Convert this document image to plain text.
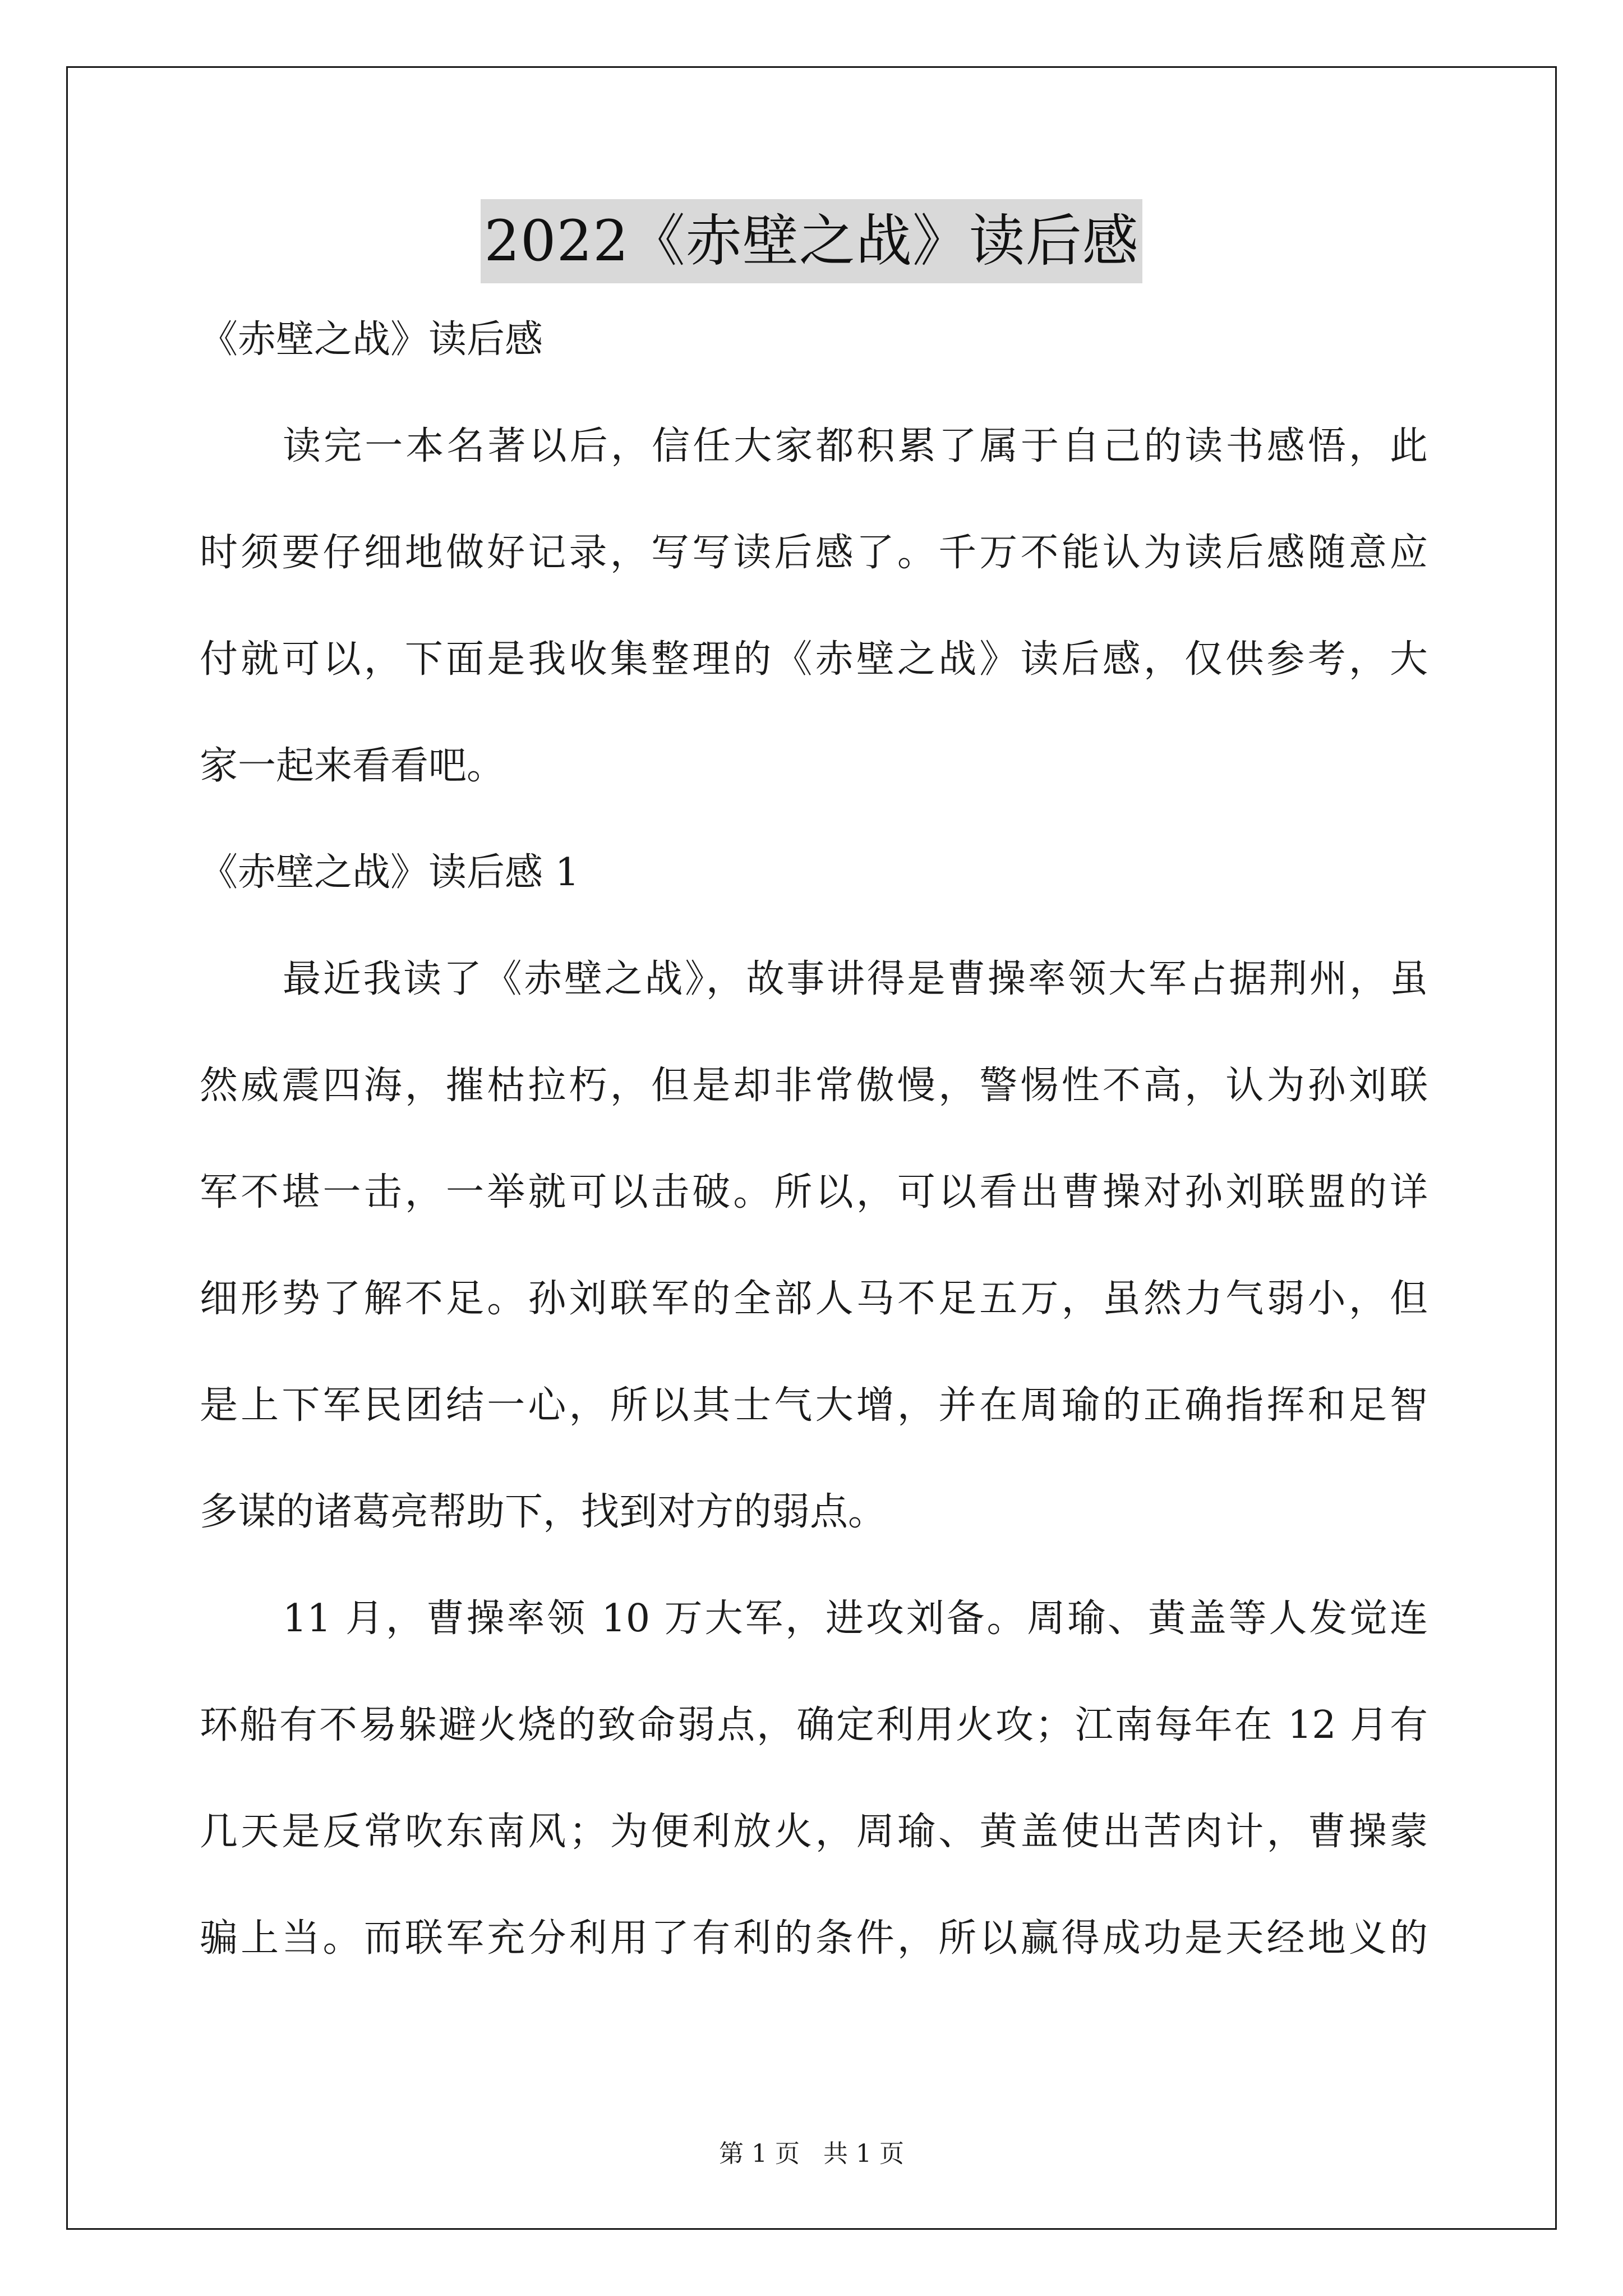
2022《赤壁之战》读后感
《赤壁之战》读后感
读完一本名著以后，信任大家都积累了属于自己的读书感悟，此
时须要仔细地做好记录，写写读后感了。千万不能认为读后感随意应
付就可以，下面是我收集整理的《赤壁之战》读后感，仅供参考，大
家一起来看看吧。
《赤壁之战》读后感 1
最近我读了《赤壁之战》，故事讲得是曹操率领大军占据荆州，虽
然威震四海，摧枯拉朽，但是却非常傲慢，警惕性不高，认为孙刘联
军不堪一击，一举就可以击破。所以，可以看出曹操对孙刘联盟的详
细形势了解不足。孙刘联军的全部人马不足五万，虽然力气弱小，但
是上下军民团结一心，所以其士气大增，并在周瑜的正确指挥和足智
多谋的诸葛亮帮助下，找到对方的弱点。
11 月，曹操率领 10 万大军，进攻刘备。周瑜、黄盖等人发觉连
环船有不易躲避火烧的致命弱点，确定利用火攻；江南每年在 12 月有
几天是反常吹东南风；为便利放火，周瑜、黄盖使出苦肉计，曹操蒙
骗上当。而联军充分利用了有利的条件，所以赢得成功是天经地义的
第 1 页   共 1 页
